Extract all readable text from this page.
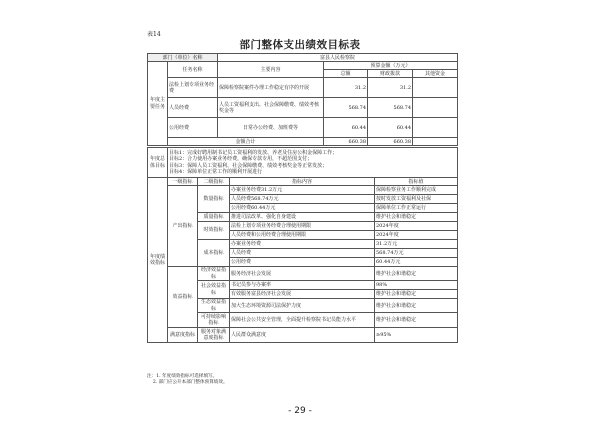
表14
部门整体支出绩效目标表
部门（单位）名称		富县人民检察院			
年度主要任务	任务名称	主要内容	预算金额（万元）		
			总额	财政拨款	其他资金
	法检上划专项业务经费	保障检察院案件办理工作稳定有序的开展	31.2	31.2	
	人员经费	人员工资福利支出、社会保障缴费、绩效考核奖金等	568.74	568.74	
	公用经费	日常办公经费、加班费等	60.44	60.44	
	金额合计		660.38	660.38	
年度总体目标	
目标1：完成好聘用制书记员工资福利的发放、养老及住房公积金保障工作；
目标2：合力使用办案业务经费，确保专款专用，不超范围支付；
目标3：保障人员工资福利、社会保障缴费、绩效考核奖金等正常发放；
目标4：保障单位正常工作的顺利开展进行
年度绩效指标	一级指标	二级指标	指标内容	指标值
	产出指标	数量指标	办案业务经费31.2万元	保障检察业务工作顺利完成
			人员经费568.74万元	按时发放工资福利及社保
			公用经费60.44万元	保障单位工作正常运行
		质量指标	推进司法改革、强化自身建设	维护社会和谐稳定
		时效指标	法检上划专项业务经费合理使用期限	2024年度
			人员经费和公用经费合理使用期限	2024年度
		成本指标	办案业务经费	31.2万元
			人员经费	568.74万元
			公用经费	60.44万元
	效益指标	经济效益指标	服务经济社会发展	维护社会和谐稳定
		社会效益指标	书记员参与办案率	98%
			有效服务富县经济社会发展	维护社会和谐稳定
		生态效益指标	加大生态环境资源司法保护力度	维护社会和谐稳定
		可持续影响指标	保障社会公共安全管理，全面提升检察院书记员能力水平	维护社会和谐稳定
	满意度指标	服务对象满意度指标	人民群众满意度	≥95%
注：1. 年度绩效指标可选择填写。
2. 部门应公开本部门整体预算绩效。
- 29 -
